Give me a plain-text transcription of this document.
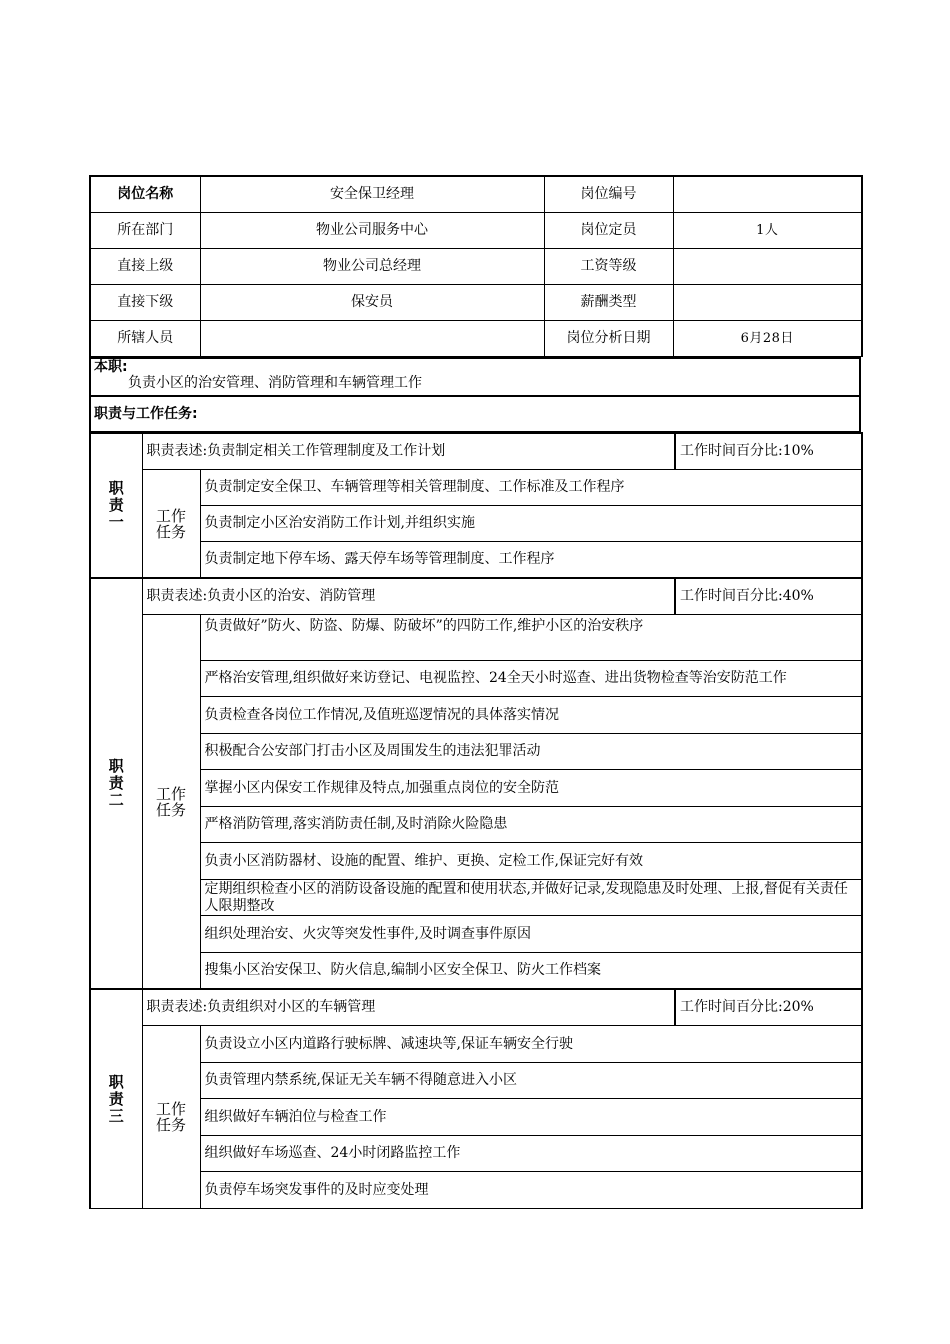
岗位名称	安全保卫经理	岗位编号	
所在部门	物业公司服务中心	岗位定员	1人
直接上级	物业公司总经理	工资等级	
直接下级	保安员	薪酬类型	
所辖人员		岗位分析日期	6月28日
本职:
负责小区的治安管理、消防管理和车辆管理工作

职责与工作任务:
职责一	职责表述:负责制定相关工作管理制度及工作计划		工作时间百分比:10%
	工作任务	负责制定安全保卫、车辆管理等相关管理制度、工作标准及工作程序	
		负责制定小区治安消防工作计划,并组织实施	
		负责制定地下停车场、露天停车场等管理制度、工作程序	
职责二	职责表述:负责小区的治安、消防管理		工作时间百分比:40%
	工作任务	负责做好”防火、防盗、防爆、防破坏”的四防工作,维护小区的治安秩序	
		严格治安管理,组织做好来访登记、电视监控、24全天小时巡查、进出货物检查等治安防范工作	
		负责检查各岗位工作情况,及值班巡逻情况的具体落实情况	
		积极配合公安部门打击小区及周围发生的违法犯罪活动	
		掌握小区内保安工作规律及特点,加强重点岗位的安全防范	
		严格消防管理,落实消防责任制,及时消除火险隐患	
		负责小区消防器材、设施的配置、维护、更换、定检工作,保证完好有效	
		定期组织检查小区的消防设备设施的配置和使用状态,并做好记录,发现隐患及时处理、上报,督促有关责任人限期整改	
		组织处理治安、火灾等突发性事件,及时调查事件原因	
		搜集小区治安保卫、防火信息,编制小区安全保卫、防火工作档案	
职责三	职责表述:负责组织对小区的车辆管理		工作时间百分比:20%
	工作任务	负责设立小区内道路行驶标牌、减速块等,保证车辆安全行驶	
		负责管理内禁系统,保证无关车辆不得随意进入小区	
		组织做好车辆泊位与检查工作	
		组织做好车场巡查、24小时闭路监控工作	
		负责停车场突发事件的及时应变处理	
